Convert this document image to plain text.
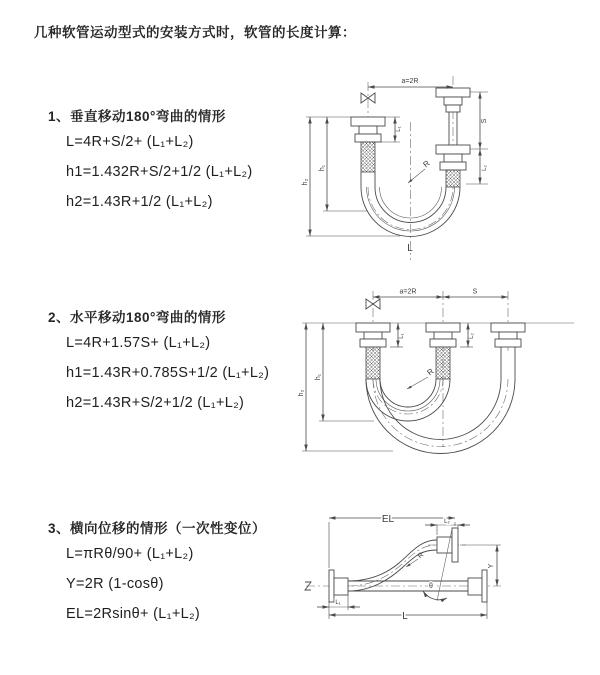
几种软管运动型式的安装方式时，软管的长度计算：
1、垂直移动180°弯曲的情形
L=4R+S/2+ (L₁+L₂)
h1=1.432R+S/2+1/2 (L₁+L₂)
h2=1.43R+1/2 (L₁+L₂)
a=2R
h₂
h₁
L₁
S
L₂
R
L
2、水平移动180°弯曲的情形
L=4R+1.57S+ (L₁+L₂)
h1=1.43R+0.785S+1/2 (L₁+L₂)
h2=1.43R+S/2+1/2 (L₁+L₂)
a=2R	S
h₂
h₁
L₁	L₂
R
3、横向位移的情形（一次性变位）
L=πRθ/90+ (L₁+L₂)
Y=2R (1-cosθ)
EL=2Rsinθ+ (L₁+L₂)
θ
R
EL	L₂
Y
L₁
L
